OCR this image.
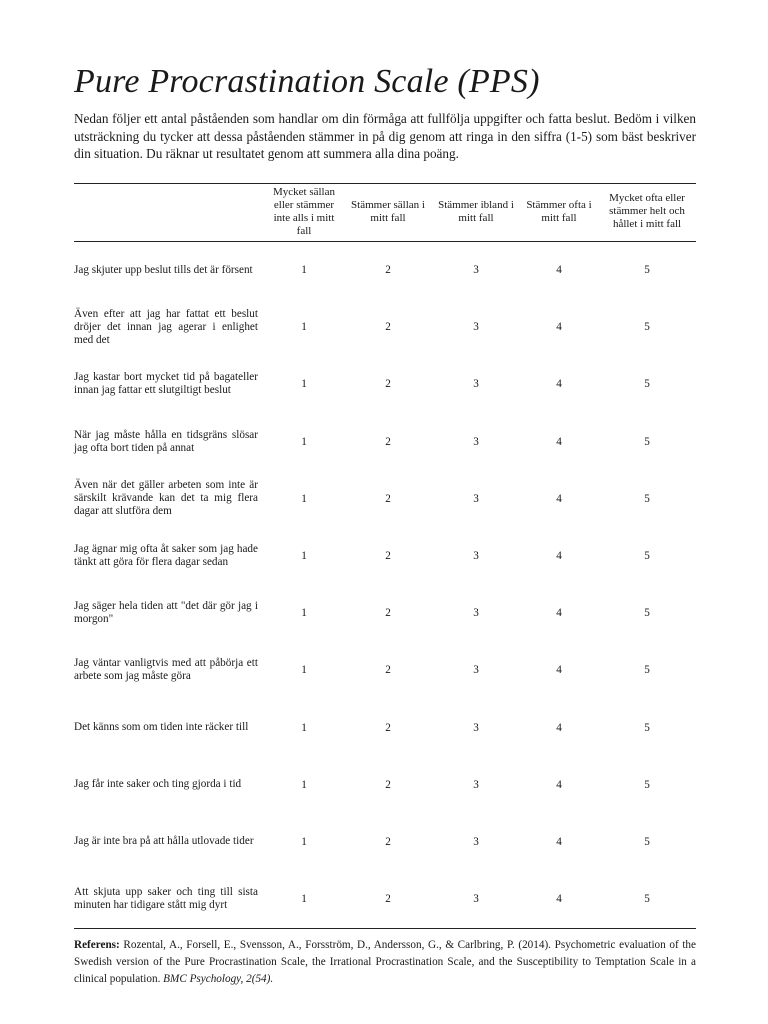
Pure Procrastination Scale (PPS)

Nedan följer ett antal påståenden som handlar om din förmåga att fullfölja uppgifter och fatta beslut. Bedöm i vilken utsträckning du tycker att dessa påståenden stämmer in på dig genom att ringa in den siffra (1-5) som bäst beskriver din situation. Du räknar ut resultatet genom att summera alla dina poäng.

	Mycket sällan eller stämmer inte alls i mitt fall	Stämmer sällan i mitt fall	Stämmer ibland i mitt fall	Stämmer ofta i mitt fall	Mycket ofta eller stämmer helt och hållet i mitt fall
Jag skjuter upp beslut tills det är försent	1	2	3	4	5
Även efter att jag har fattat ett beslut dröjer det innan jag agerar i enlighet med det	1	2	3	4	5
Jag kastar bort mycket tid på bagateller innan jag fattar ett slutgiltigt beslut	1	2	3	4	5
När jag måste hålla en tidsgräns slösar jag ofta bort tiden på annat	1	2	3	4	5
Även när det gäller arbeten som inte är särskilt krävande kan det ta mig flera dagar att slutföra dem	1	2	3	4	5
Jag ägnar mig ofta åt saker som jag hade tänkt att göra för flera dagar sedan	1	2	3	4	5
Jag säger hela tiden att "det där gör jag i morgon"	1	2	3	4	5
Jag väntar vanligtvis med att påbörja ett arbete som jag måste göra	1	2	3	4	5
Det känns som om tiden inte räcker till	1	2	3	4	5
Jag får inte saker och ting gjorda i tid	1	2	3	4	5
Jag är inte bra på att hålla utlovade tider	1	2	3	4	5
Att skjuta upp saker och ting till sista minuten har tidigare stått mig dyrt	1	2	3	4	5
Referens: Rozental, A., Forsell, E., Svensson, A., Forsström, D., Andersson, G., & Carlbring, P. (2014). Psychometric evaluation of the Swedish version of the Pure Procrastination Scale, the Irrational Procrastination Scale, and the Susceptibility to Temptation Scale in a clinical population. BMC Psychology, 2(54).
